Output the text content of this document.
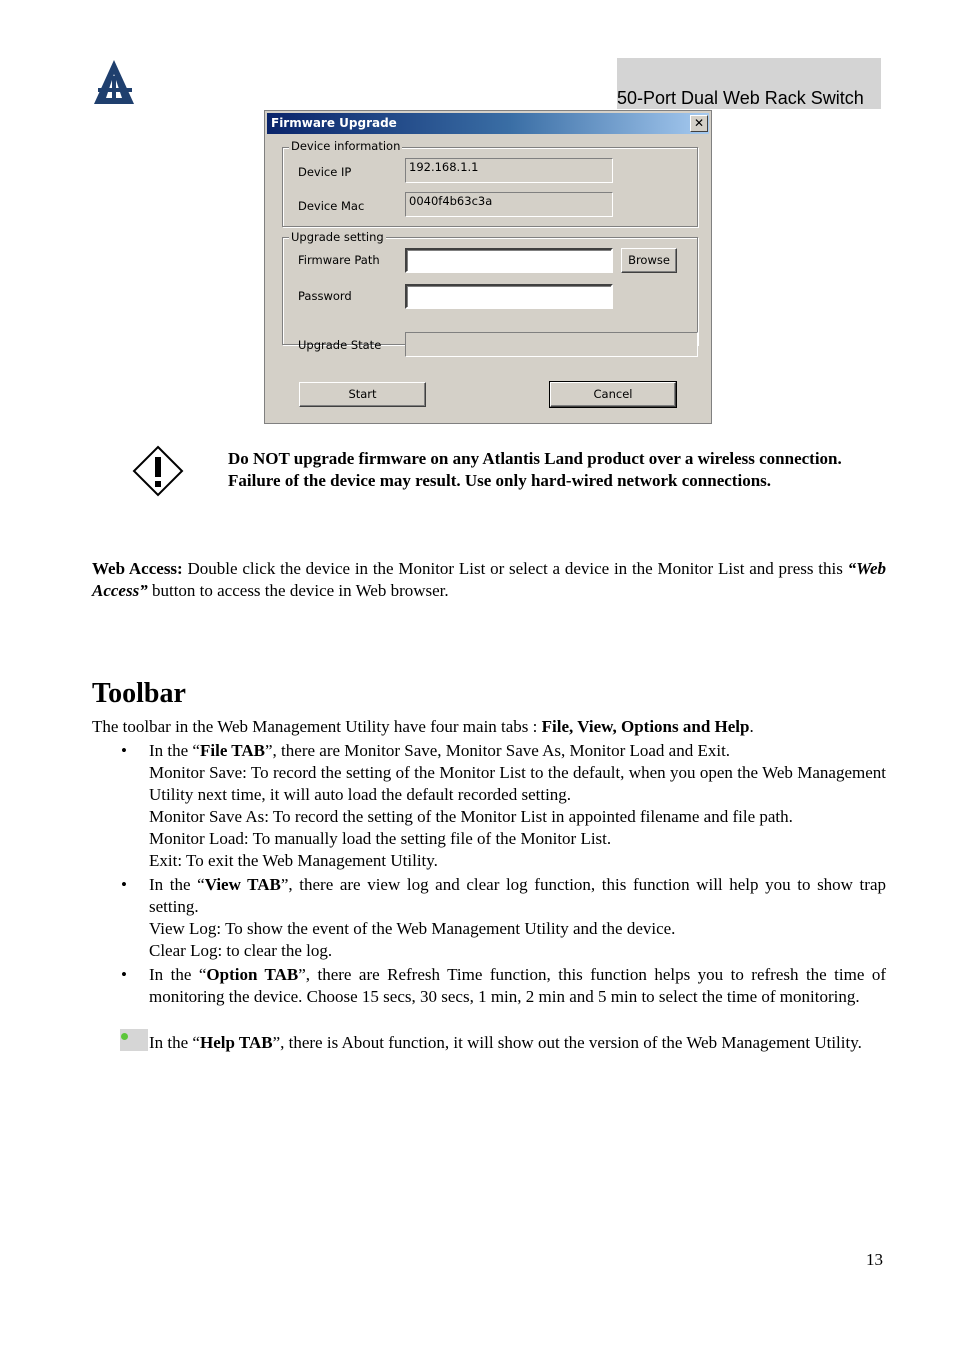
50-Port Dual Web Rack Switch
Firmware Upgrade	✕
Device information
Device IP	192.168.1.1
Device Mac	0040f4b63c3a
Upgrade setting
Firmware Path	Browse
Password
Upgrade State
Start	Cancel

Do NOT upgrade firmware on any Atlantis Land product over a wireless connection.

Failure of the device may result. Use only hard-wired network connections.

Web Access: Double click the device in the Monitor List or select a device in the Monitor List and press this “Web Access” button to access the device in Web browser.
Toolbar
The toolbar in the Web Management Utility have four main tabs : File, View, Options and Help.
• In the “File TAB”, there are Monitor Save, Monitor Save As, Monitor Load and Exit.

Monitor Save: To record the setting of the Monitor List to the default, when you open the Web Management Utility next time, it will auto load the default recorded setting.

Monitor Save As: To record the setting of the Monitor List in appointed filename and file path.

Monitor Load: To manually load the setting file of the Monitor List.

Exit: To exit the Web Management Utility.

• In the “View TAB”, there are view log and clear log function, this function will help you to show trap setting.

View Log: To show the event of the Web Management Utility and the device.

Clear Log: to clear the log.

• In the “Option TAB”, there are Refresh Time function, this function helps you to refresh the time of monitoring the device. Choose 15 secs, 30 secs, 1 min, 2 min and 5 min to select the time of monitoring.

In the “Help TAB”, there is About function, it will show out the version of the Web Management Utility.

13
